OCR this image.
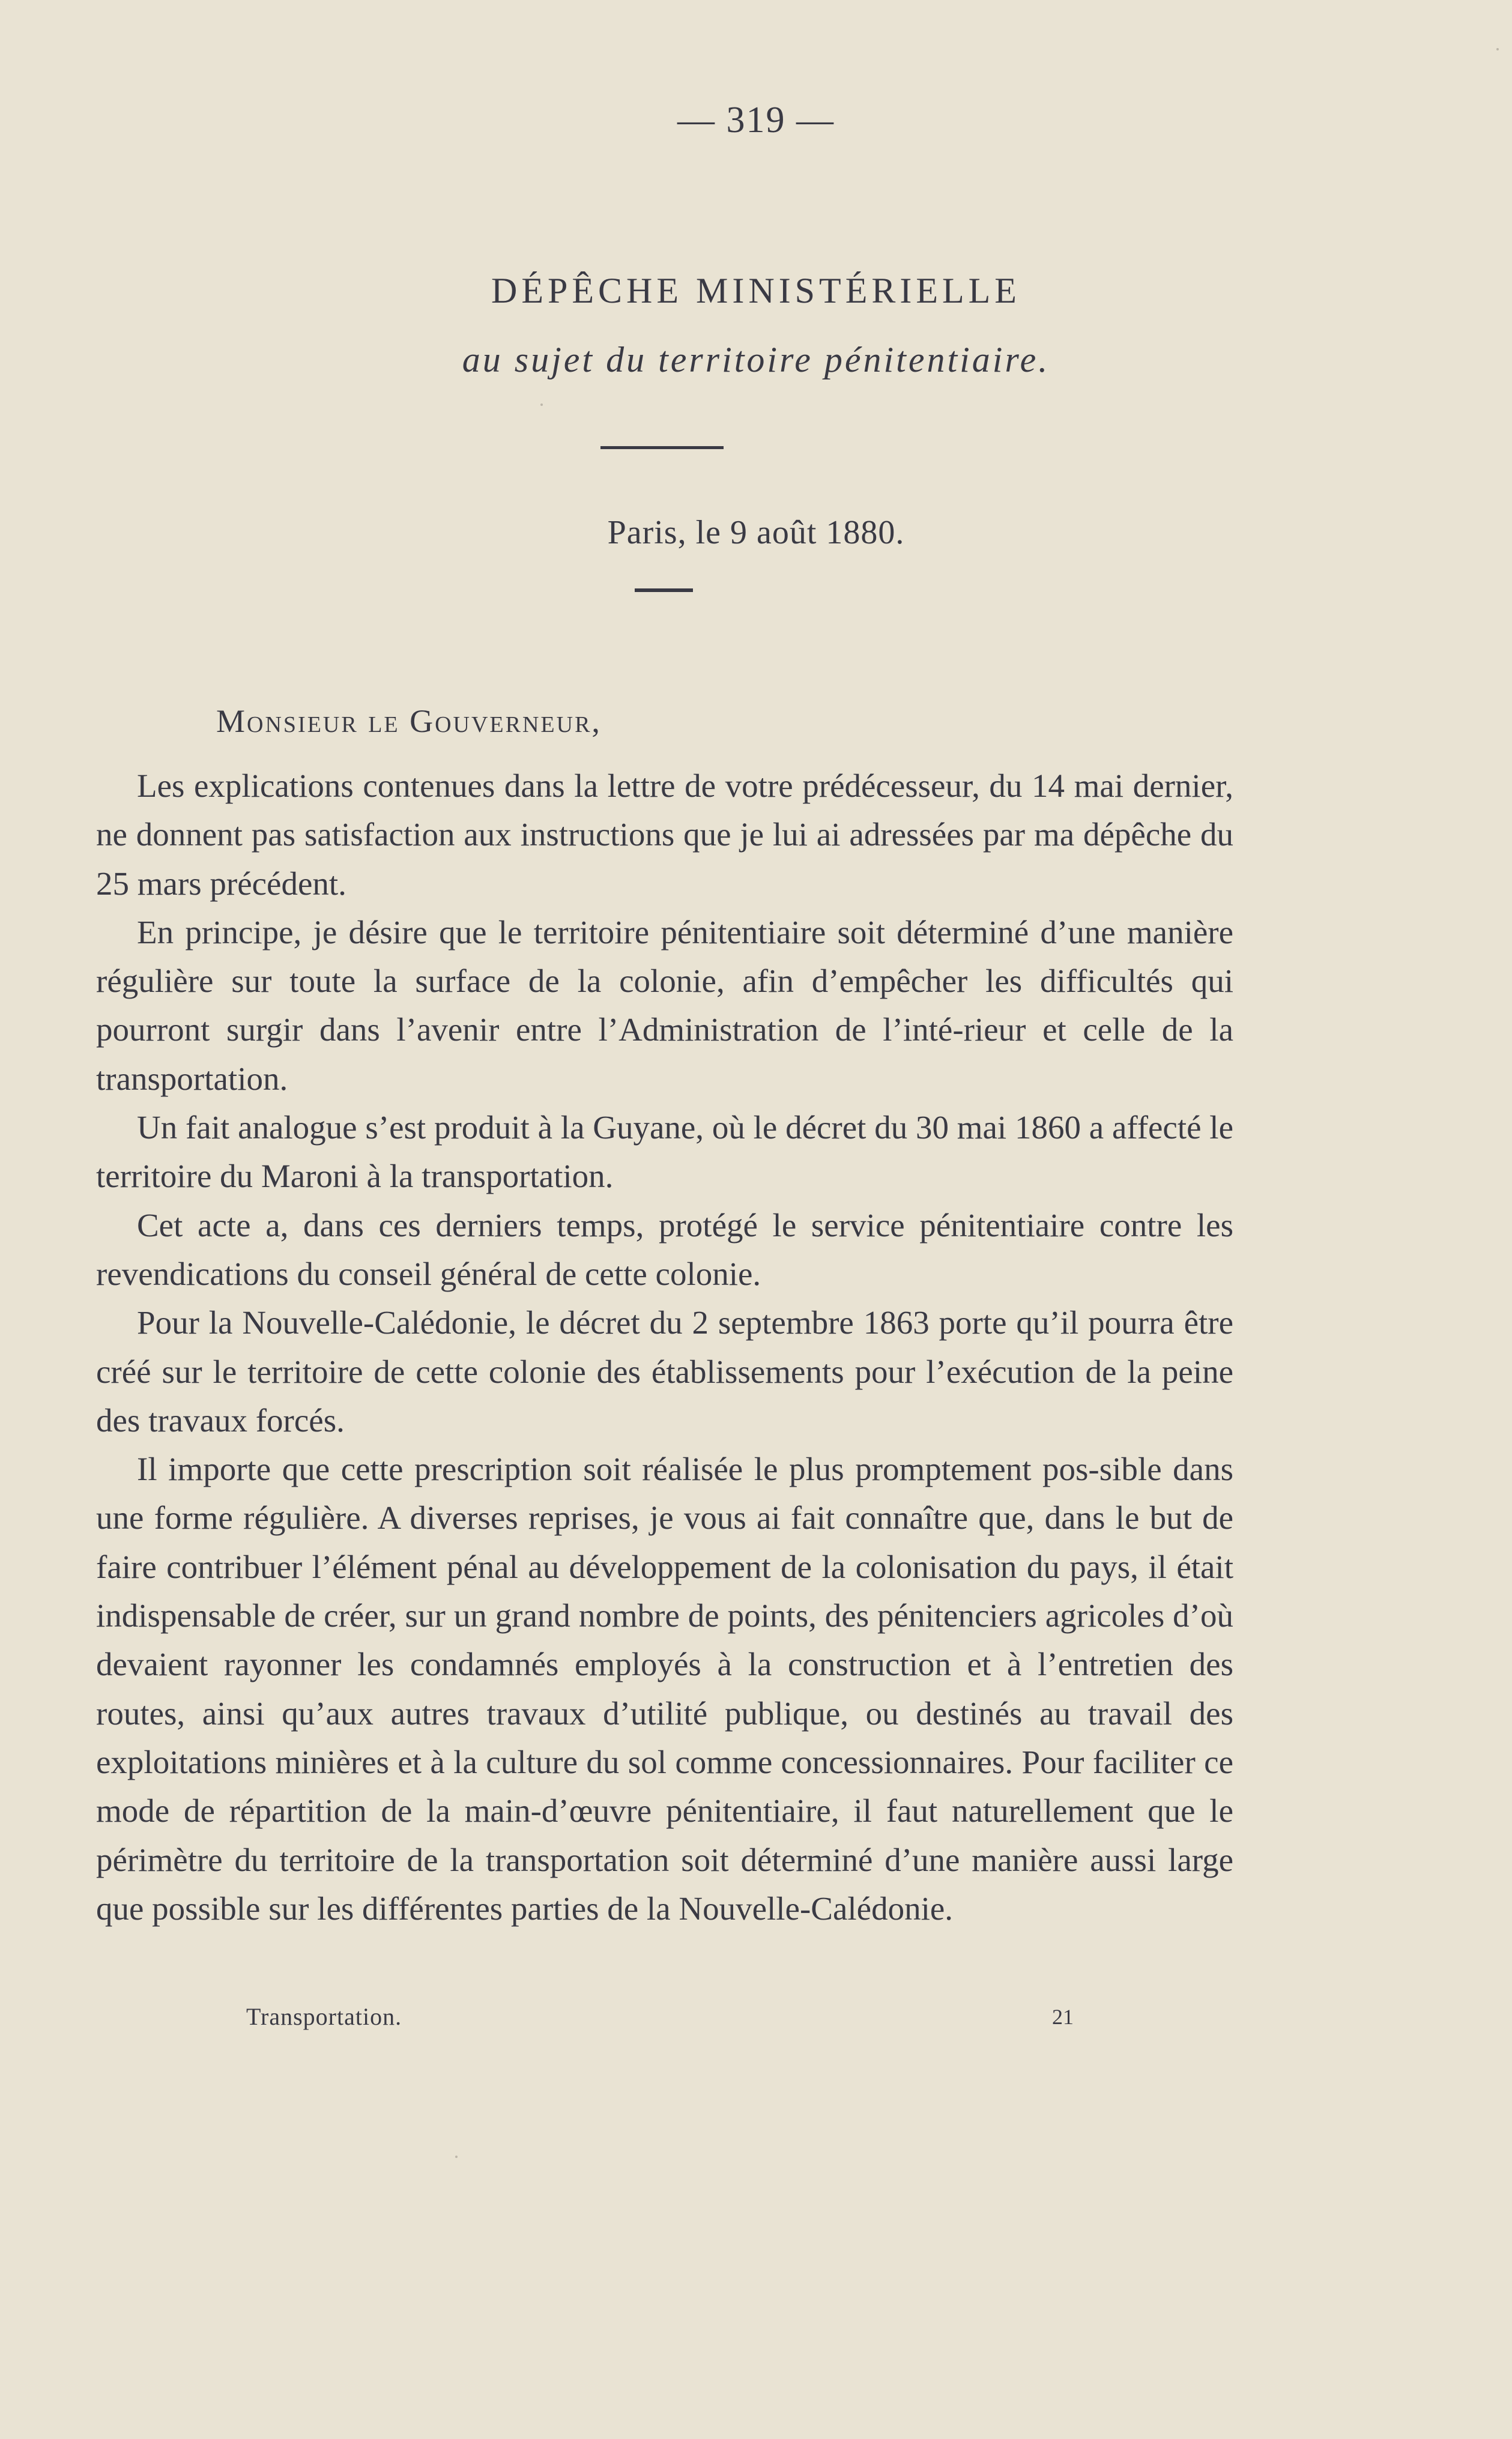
— 319 —
DÉPÊCHE MINISTÉRIELLE
au sujet du territoire pénitentiaire.
Paris, le 9 août 1880.
Monsieur le Gouverneur,

Les explications contenues dans la lettre de votre prédécesseur, du 14 mai dernier, ne donnent pas satisfaction aux instructions que je lui ai adressées par ma dépêche du 25 mars précédent.

En principe, je désire que le territoire pénitentiaire soit déterminé d’une manière régulière sur toute la surface de la colonie, afin d’empêcher les difficultés qui pourront surgir dans l’avenir entre l’Administration de l’inté-rieur et celle de la transportation.

Un fait analogue s’est produit à la Guyane, où le décret du 30 mai 1860 a affecté le territoire du Maroni à la transportation.

Cet acte a, dans ces derniers temps, protégé le service pénitentiaire contre les revendications du conseil général de cette colonie.

Pour la Nouvelle-Calédonie, le décret du 2 septembre 1863 porte qu’il pourra être créé sur le territoire de cette colonie des établissements pour l’exécution de la peine des travaux forcés.

Il importe que cette prescription soit réalisée le plus promptement pos-sible dans une forme régulière. A diverses reprises, je vous ai fait connaître que, dans le but de faire contribuer l’élément pénal au développement de la colonisation du pays, il était indispensable de créer, sur un grand nombre de points, des pénitenciers agricoles d’où devaient rayonner les condamnés employés à la construction et à l’entretien des routes, ainsi qu’aux autres travaux d’utilité publique, ou destinés au travail des exploitations minières et à la culture du sol comme concessionnaires. Pour faciliter ce mode de répartition de la main-d’œuvre pénitentiaire, il faut naturellement que le périmètre du territoire de la transportation soit déterminé d’une manière aussi large que possible sur les différentes parties de la Nouvelle-Calédonie.

Transportation.	21
